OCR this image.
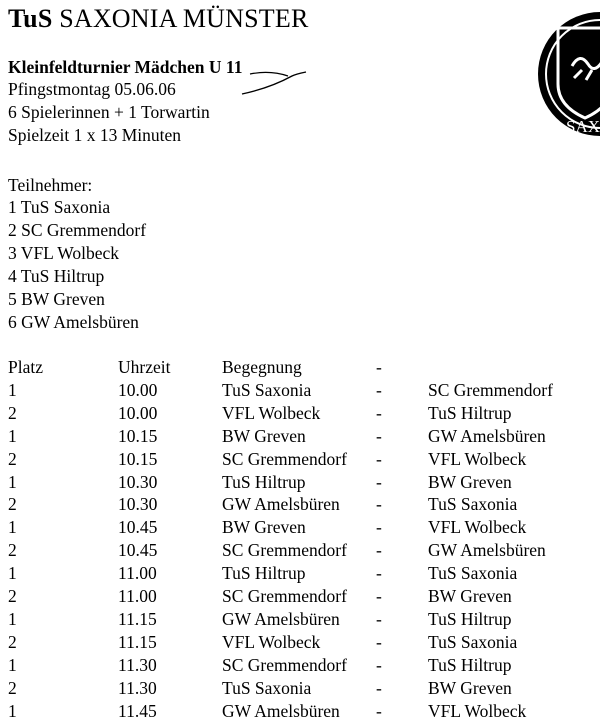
TuS SAXONIA MÜNSTER
SAX
Kleinfeldturnier Mädchen U 11
Pfingstmontag 05.06.06
6 Spielerinnen + 1 Torwartin
Spielzeit 1 x 13 Minuten
Teilnehmer:
1 TuS Saxonia
2 SC Gremmendorf
3 VFL Wolbeck
4 TuS Hiltrup
5 BW Greven
6 GW Amelsbüren
Platz	Uhrzeit	Begegnung	-	
1	10.00	TuS Saxonia	-	SC Gremmendorf
2	10.00	VFL Wolbeck	-	TuS Hiltrup
1	10.15	BW Greven	-	GW Amelsbüren
2	10.15	SC Gremmendorf	-	VFL Wolbeck
1	10.30	TuS Hiltrup	-	BW Greven
2	10.30	GW Amelsbüren	-	TuS Saxonia
1	10.45	BW Greven	-	VFL Wolbeck
2	10.45	SC Gremmendorf	-	GW Amelsbüren
1	11.00	TuS Hiltrup	-	TuS Saxonia
2	11.00	SC Gremmendorf	-	BW Greven
1	11.15	GW Amelsbüren	-	TuS Hiltrup
2	11.15	VFL Wolbeck	-	TuS Saxonia
1	11.30	SC Gremmendorf	-	TuS Hiltrup
2	11.30	TuS Saxonia	-	BW Greven
1	11.45	GW Amelsbüren	-	VFL Wolbeck
